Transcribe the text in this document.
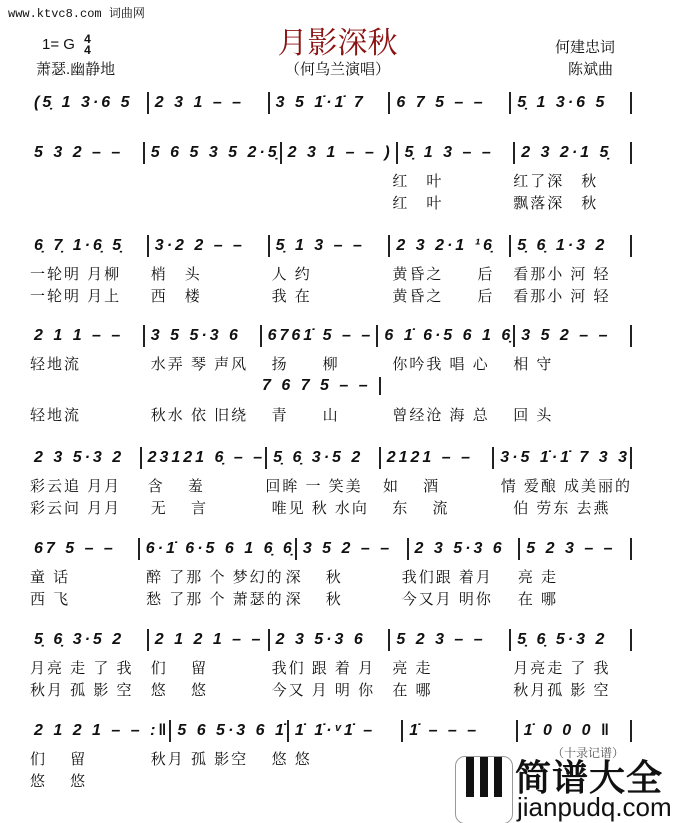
www.ktvc8.com 词曲网
1= G 4
4
萧瑟.幽静地
月影深秋
（何乌兰演唱）
何建忠词
陈斌曲
(5̣ 1 3·6 5	2 3 1 – –	3 5 1̇·1̇ 7	6 7 5 – –	5̣ 1 3·6 5
5 3 2 – –	5 6 5 3 5 2·5̣ 2 3 1 – – ) 5̣ 1 3 – –	2 3 2·1 5̣
红　叶	红了深　秋
红　叶	飘落深　秋
6̣ 7̣ 1·6̣ 5̣	3·2 2 – –	5̣ 1 3 – –	2 3 2·1 ¹6̣	5̣ 6̣ 1·3 2
一轮明 月柳	梢　头	人 约	黄昏之　　后	看那小 河 轻
一轮明 月上	西　楼	我 在	黄昏之　　后	看那小 河 轻
2 1 1 – –	3 5 5·3 6	6761̇ 5 – – 6 1̇ 6·5 6 1 6̣ 3 5 2 – –
轻地流	水弄 琴 声风	扬　　柳	你吟我 唱 心	相 守
轻地流	秋水 依 旧绕	青　　山	曾经沧 海 总	回 头
7 6 7 5 – –
2 3 5·3 2	23121 6̣ – – 5̣ 6̣ 3·5 2	2121 – –	3·5 1̇·1̇ 7 3 3
彩云追 月月	含　 羞	回眸 一 笑美	如　 酒	情 爱酿 成美丽的
彩云问 月月	无　 言	唯见 秋 水向	东　 流	伯 劳东 去燕
67 5 – –	6·1̇ 6·5 6 1 6̣ 6̣ 3 5 2 – –	2 3 5·3 6	5 2 3 – –
童 话	醉 了那 个 梦幻的 深　 秋	我们跟 着月	亮 走
西 飞	愁 了那 个 萧瑟的 深　 秋	今又月 明你	在 哪
5̣ 6̣ 3·5 2	2 1 2 1 – – 2 3 5·3 6	5 2 3 – –	5̣ 6̣ 5·3 2
月亮 走 了 我	们　 留	我们 跟 着 月	亮 走	月亮走 了 我
秋月 孤 影 空	悠　 悠	今又 月 明 你	在 哪	秋月孤 影 空
2 1 2 1 – – :‖ 5 6 5·3 6 1̇ 1̇ 1̇·ᵛ1̇ –	1̇ – – –	1̇ 0 0 0 ‖
们　 留	秋月 孤 影空	悠 悠
悠　 悠
（十录记谱）
简谱大全
jianpudq.com
